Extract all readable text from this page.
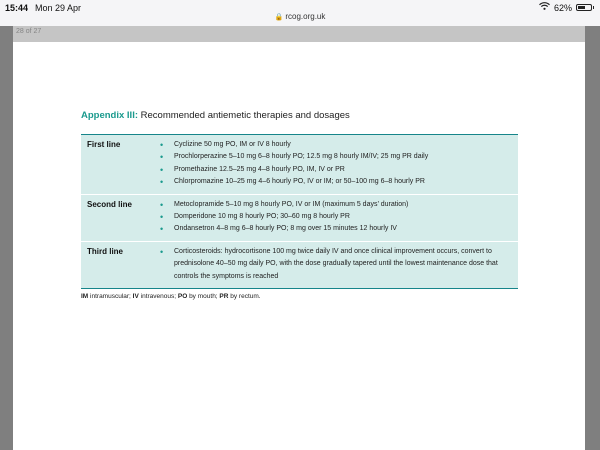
15:44 Mon 29 Apr	62%
🔒 rcog.org.uk
28 of 27
Appendix III: Recommended antiemetic therapies and dosages
First line	• Cyclizine 50 mg PO, IM or IV 8 hourly
• Prochlorperazine 5–10 mg 6–8 hourly PO; 12.5 mg 8 hourly IM/IV; 25 mg PR daily
• Promethazine 12.5–25 mg 4–8 hourly PO, IM, IV or PR
• Chlorpromazine 10–25 mg 4–6 hourly PO, IV or IM; or 50–100 mg 6–8 hourly PR
Second line	• Metoclopramide 5–10 mg 8 hourly PO, IV or IM (maximum 5 days’ duration)
• Domperidone 10 mg 8 hourly PO; 30–60 mg 8 hourly PR
• Ondansetron 4–8 mg 6–8 hourly PO; 8 mg over 15 minutes 12 hourly IV
Third line	• Corticosteroids: hydrocortisone 100 mg twice daily IV and once clinical improvement occurs, convert to prednisolone 40–50 mg daily PO, with the dose gradually tapered until the lowest maintenance dose that controls the symptoms is reached
IM intramuscular; IV intravenous; PO by mouth; PR by rectum.
